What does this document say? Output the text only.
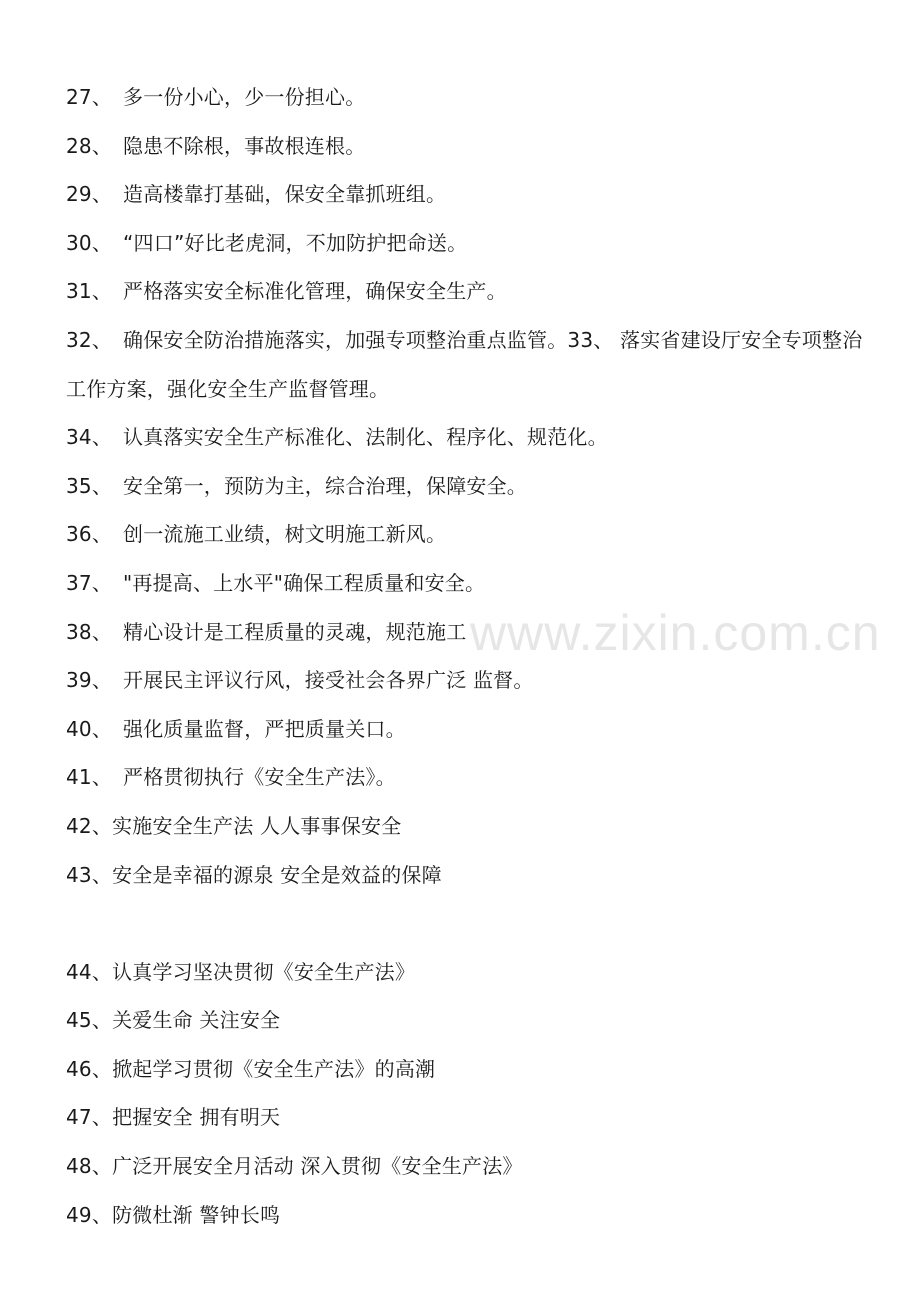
27、 多一份小心，少一份担心。
28、 隐患不除根，事故根连根。
29、 造高楼靠打基础，保安全靠抓班组。
30、 “四口”好比老虎洞，不加防护把命送。
31、 严格落实安全标准化管理，确保安全生产。
32、 确保安全防治措施落实，加强专项整治重点监管。33、 落实省建设厅安全专项整治工作方案，强化安全生产监督管理。
34、 认真落实安全生产标准化、法制化、程序化、规范化。
35、 安全第一，预防为主，综合治理，保障安全。
36、 创一流施工业绩，树文明施工新风。
37、 "再提高、上水平"确保工程质量和安全。
38、 精心设计是工程质量的灵魂，规范施工
39、 开展民主评议行风，接受社会各界广泛 监督。
40、 强化质量监督，严把质量关口。
41、 严格贯彻执行《安全生产法》。
42、实施安全生产法 人人事事保安全
43、安全是幸福的源泉 安全是效益的保障
44、认真学习坚决贯彻《安全生产法》
45、关爱生命 关注安全
46、掀起学习贯彻《安全生产法》的高潮
47、把握安全 拥有明天
48、广泛开展安全月活动 深入贯彻《安全生产法》
49、防微杜渐 警钟长鸣
www.zixin.com.cn
